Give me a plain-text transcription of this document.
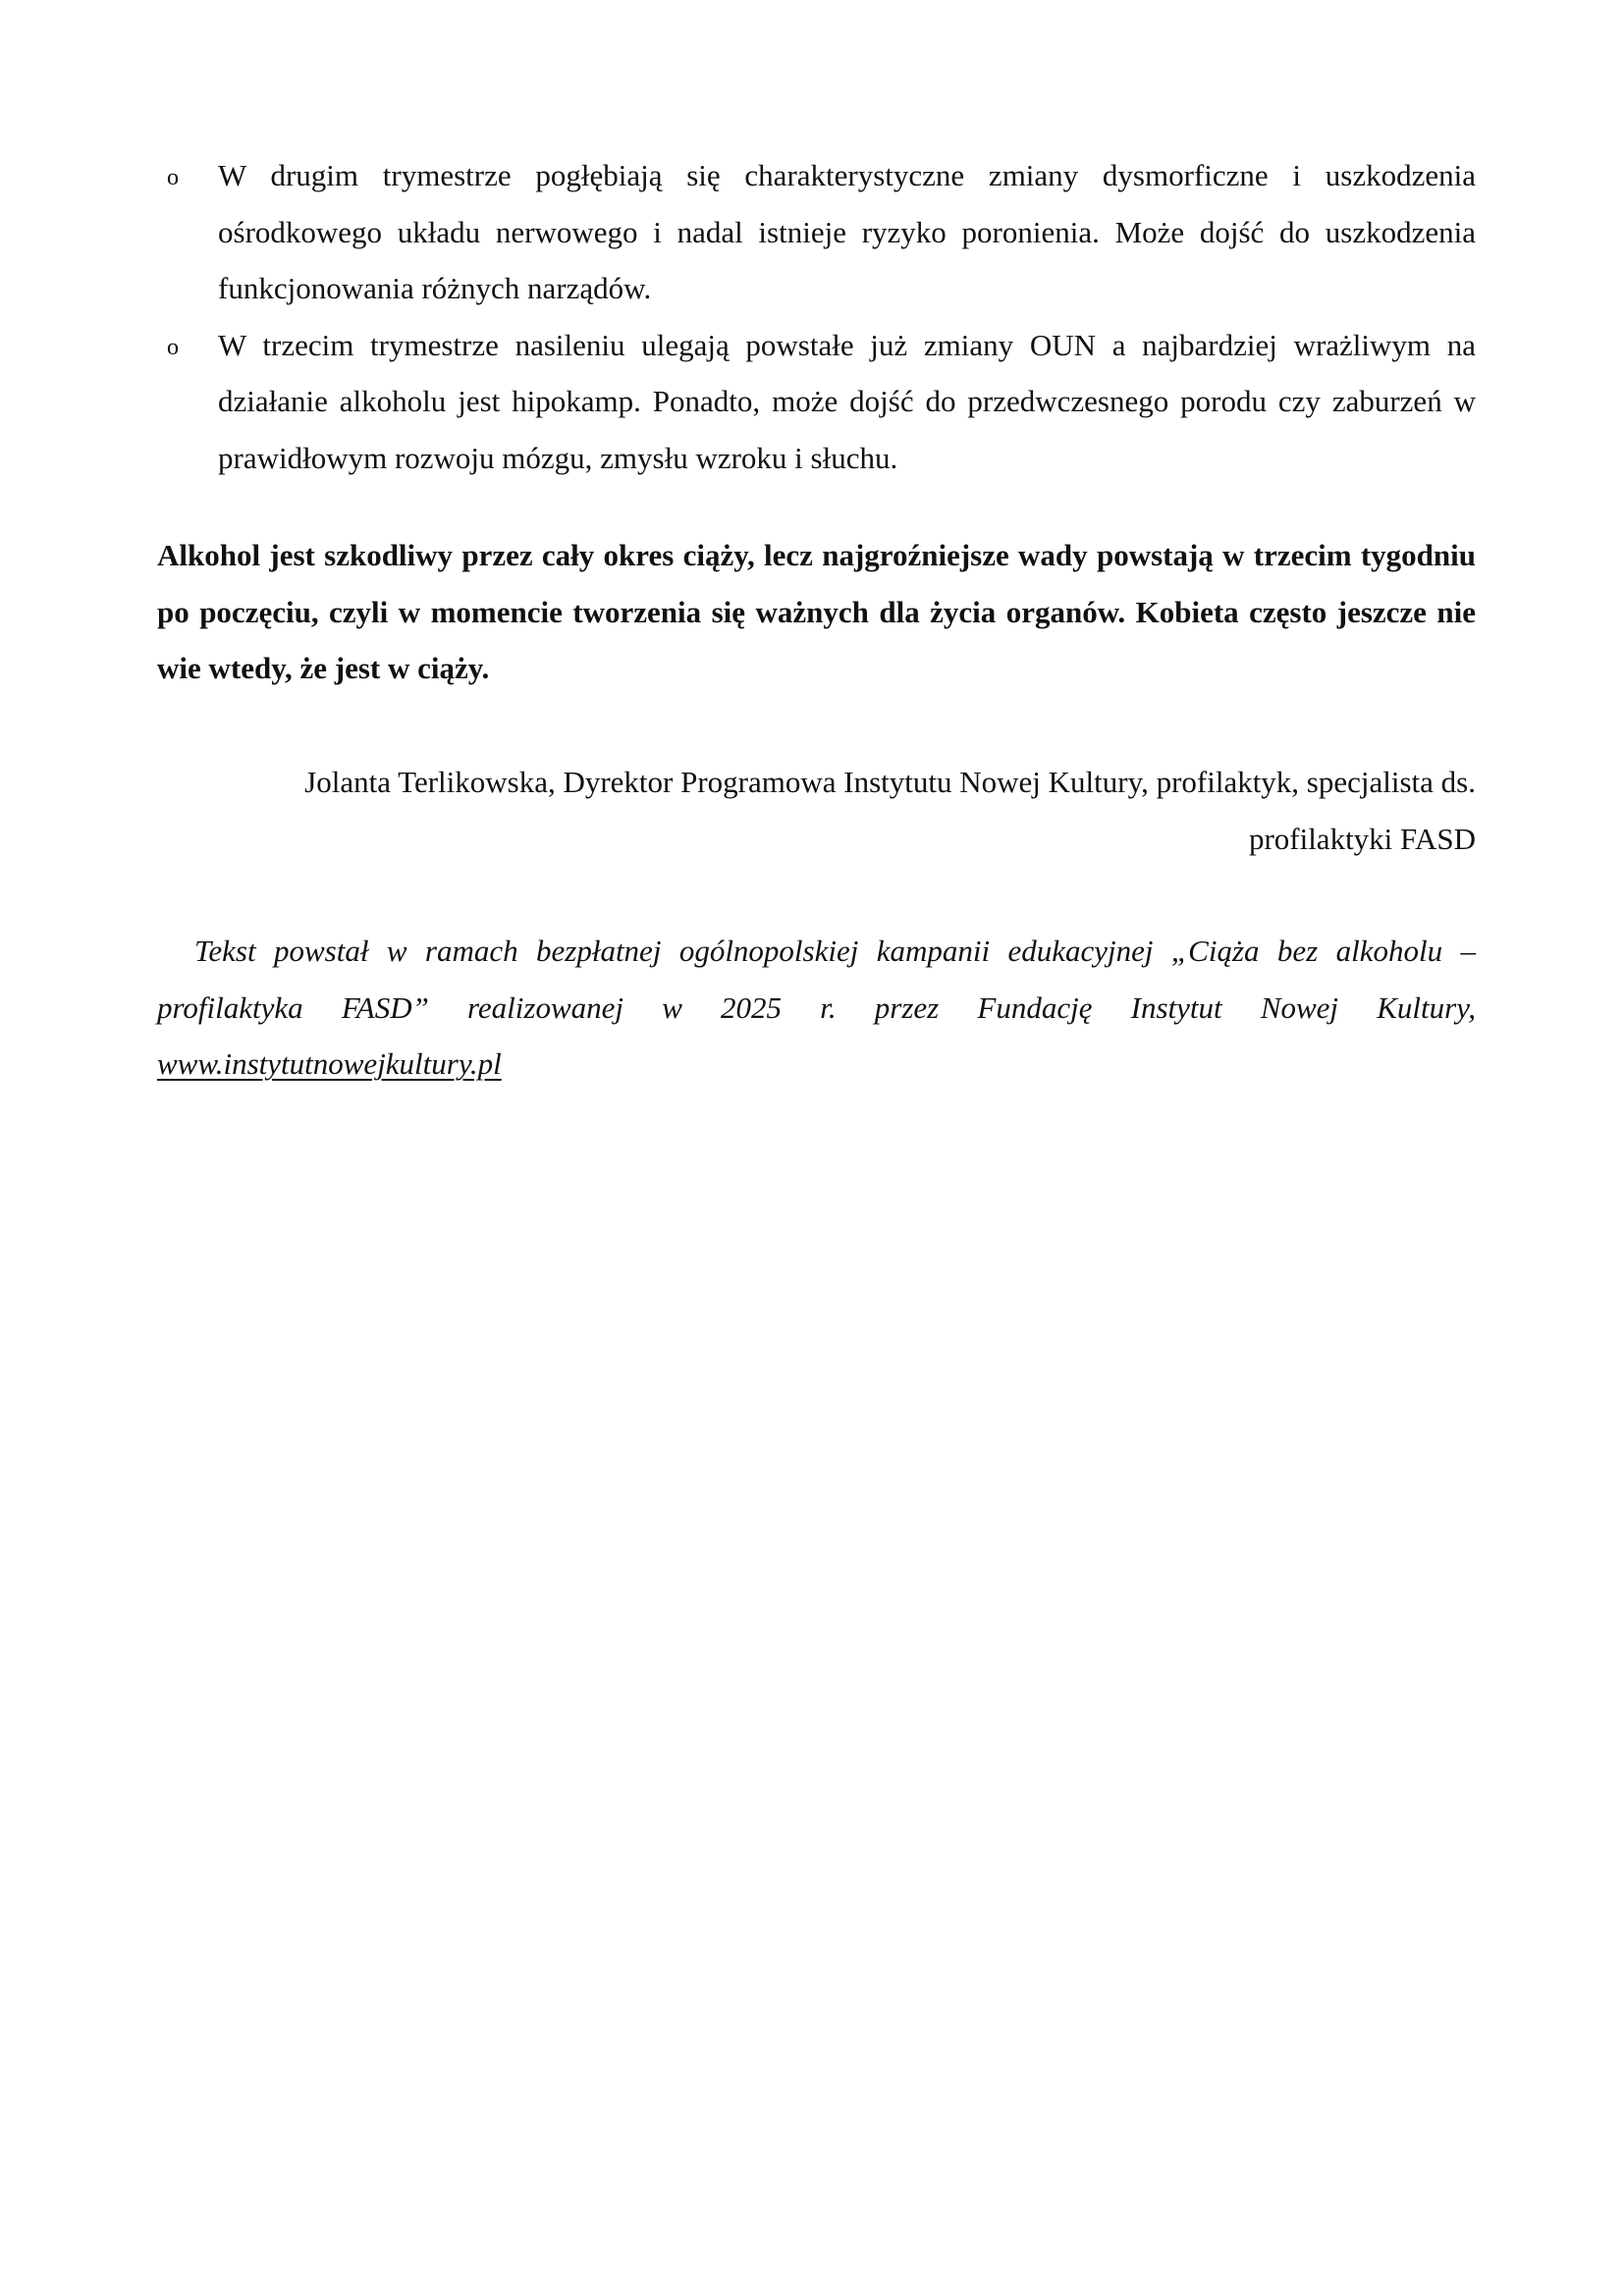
o W drugim trymestrze pogłębiają się charakterystyczne zmiany dysmorficzne i uszkodzenia ośrodkowego układu nerwowego i nadal istnieje ryzyko poronienia. Może dojść do uszkodzenia funkcjonowania różnych narządów.
o W trzecim trymestrze nasileniu ulegają powstałe już zmiany OUN a najbardziej wrażliwym na działanie alkoholu jest hipokamp. Ponadto, może dojść do przedwczesnego porodu czy zaburzeń w prawidłowym rozwoju mózgu, zmysłu wzroku i słuchu.

Alkohol jest szkodliwy przez cały okres ciąży, lecz najgroźniejsze wady powstają w trzecim tygodniu po poczęciu, czyli w momencie tworzenia się ważnych dla życia organów. Kobieta często jeszcze nie wie wtedy, że jest w ciąży.

Jolanta Terlikowska, Dyrektor Programowa Instytutu Nowej Kultury, profilaktyk, specjalista ds. profilaktyki FASD

Tekst powstał w ramach bezpłatnej ogólnopolskiej kampanii edukacyjnej „Ciąża bez alkoholu – profilaktyka FASD” realizowanej w 2025 r. przez Fundację Instytut Nowej Kultury, www.instytutnowejkultury.pl
